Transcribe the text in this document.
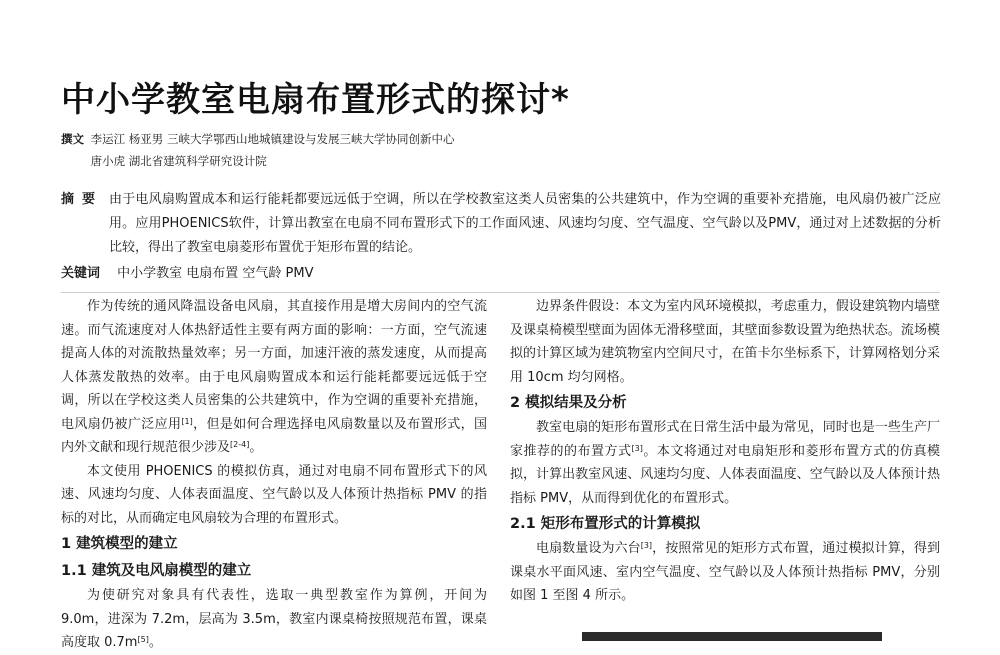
中小学教室电扇布置形式的探讨*
撰文 李运江 杨亚男 三峡大学鄂西山地城镇建设与发展三峡大学协同创新中心
唐小虎 湖北省建筑科学研究设计院
摘要 由于电风扇购置成本和运行能耗都要远远低于空调，所以在学校教室这类人员密集的公共建筑中，作为空调的重要补充措施，电风扇仍被广泛应用。应用PHOENICS软件，计算出教室在电扇不同布置形式下的工作面风速、风速均匀度、空气温度、空气龄以及PMV，通过对上述数据的分析比较，得出了教室电扇菱形布置优于矩形布置的结论。
关键词 中小学教室 电扇布置 空气龄 PMV

作为传统的通风降温设备电风扇，其直接作用是增大房间内的空气流速。而气流速度对人体热舒适性主要有两方面的影响：一方面，空气流速提高人体的对流散热量效率；另一方面，加速汗液的蒸发速度，从而提高人体蒸发散热的效率。由于电风扇购置成本和运行能耗都要远远低于空调，所以在学校这类人员密集的公共建筑中，作为空调的重要补充措施，电风扇仍被广泛应用[1]，但是如何合理选择电风扇数量以及布置形式，国内外文献和现行规范很少涉及[2-4]。

本文使用 PHOENICS 的模拟仿真，通过对电扇不同布置形式下的风速、风速均匀度、人体表面温度、空气龄以及人体预计热指标 PMV 的指标的对比，从而确定电风扇较为合理的布置形式。

1 建筑模型的建立
1.1 建筑及电风扇模型的建立

为使研究对象具有代表性，选取一典型教室作为算例，开间为 9.0m，进深为 7.2m，层高为 3.5m，教室内课桌椅按照规范布置，课桌高度取 0.7m[5]。

边界条件假设：本文为室内风环境模拟，考虑重力，假设建筑物内墙壁及课桌椅模型壁面为固体无滑移壁面，其壁面参数设置为绝热状态。流场模拟的计算区域为建筑物室内空间尺寸，在笛卡尔坐标系下，计算网格划分采用 10cm 均匀网格。

2 模拟结果及分析

教室电扇的矩形布置形式在日常生活中最为常见，同时也是一些生产厂家推荐的的布置方式[3]。本文将通过对电扇矩形和菱形布置方式的仿真模拟，计算出教室风速、风速均匀度、人体表面温度、空气龄以及人体预计热指标 PMV，从而得到优化的布置形式。

2.1 矩形布置形式的计算模拟

电扇数量设为六台[3]，按照常见的矩形方式布置，通过模拟计算，得到课桌水平面风速、室内空气温度、空气龄以及人体预计热指标 PMV，分别如图 1 至图 4 所示。
